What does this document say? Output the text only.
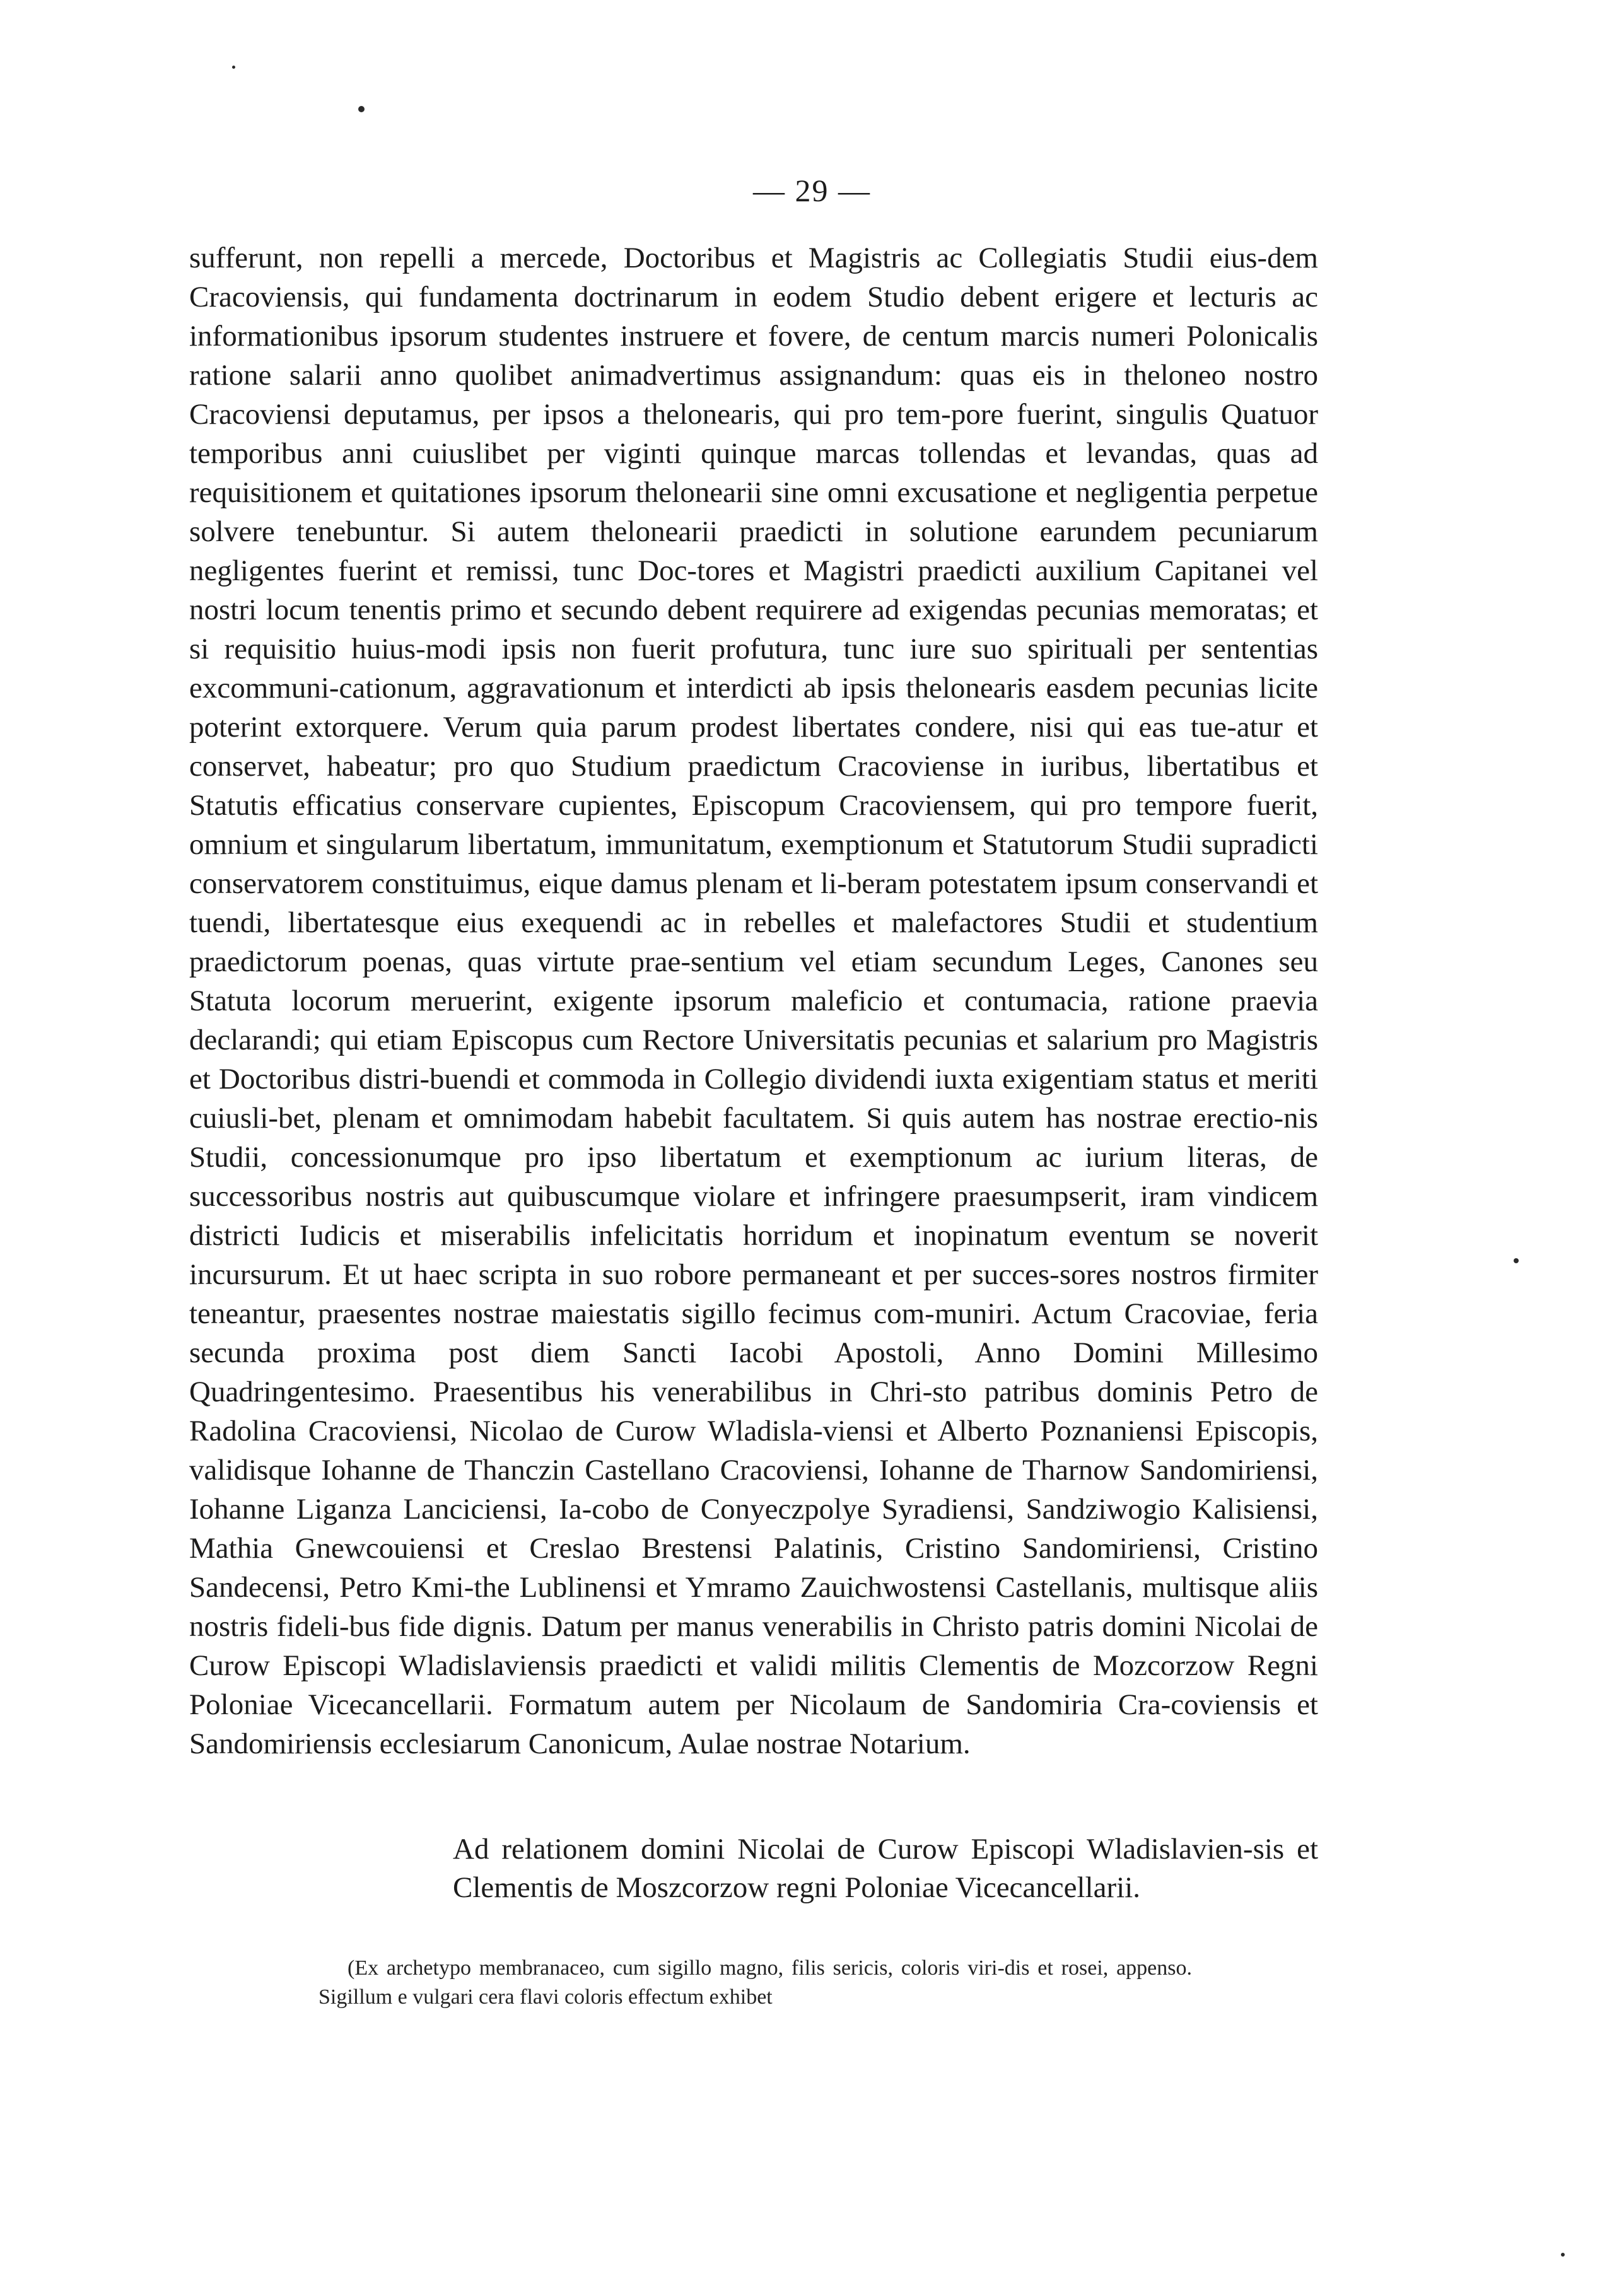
— 29 —
sufferunt, non repelli a mercede, Doctoribus et Magistris ac Collegiatis Studii eius-dem Cracoviensis, qui fundamenta doctrinarum in eodem Studio debent erigere et lecturis ac informationibus ipsorum studentes instruere et fovere, de centum marcis numeri Polonicalis ratione salarii anno quolibet animadvertimus assignandum: quas eis in theloneo nostro Cracoviensi deputamus, per ipsos a thelonearis, qui pro tem-pore fuerint, singulis Quatuor temporibus anni cuiuslibet per viginti quinque marcas tollendas et levandas, quas ad requisitionem et quitationes ipsorum thelonearii sine omni excusatione et negligentia perpetue solvere tenebuntur. Si autem thelonearii praedicti in solutione earundem pecuniarum negligentes fuerint et remissi, tunc Doc-tores et Magistri praedicti auxilium Capitanei vel nostri locum tenentis primo et secundo debent requirere ad exigendas pecunias memoratas; et si requisitio huius-modi ipsis non fuerit profutura, tunc iure suo spirituali per sententias excommuni-cationum, aggravationum et interdicti ab ipsis thelonearis easdem pecunias licite poterint extorquere. Verum quia parum prodest libertates condere, nisi qui eas tue-atur et conservet, habeatur; pro quo Studium praedictum Cracoviense in iuribus, libertatibus et Statutis efficatius conservare cupientes, Episcopum Cracoviensem, qui pro tempore fuerit, omnium et singularum libertatum, immunitatum, exemptionum et Statutorum Studii supradicti conservatorem constituimus, eique damus plenam et li-beram potestatem ipsum conservandi et tuendi, libertatesque eius exequendi ac in rebelles et malefactores Studii et studentium praedictorum poenas, quas virtute prae-sentium vel etiam secundum Leges, Canones seu Statuta locorum meruerint, exigente ipsorum maleficio et contumacia, ratione praevia declarandi; qui etiam Episcopus cum Rectore Universitatis pecunias et salarium pro Magistris et Doctoribus distri-buendi et commoda in Collegio dividendi iuxta exigentiam status et meriti cuiusli-bet, plenam et omnimodam habebit facultatem. Si quis autem has nostrae erectio-nis Studii, concessionumque pro ipso libertatum et exemptionum ac iurium literas, de successoribus nostris aut quibuscumque violare et infringere praesumpserit, iram vindicem districti Iudicis et miserabilis infelicitatis horridum et inopinatum eventum se noverit incursurum. Et ut haec scripta in suo robore permaneant et per succes-sores nostros firmiter teneantur, praesentes nostrae maiestatis sigillo fecimus com-muniri. Actum Cracoviae, feria secunda proxima post diem Sancti Iacobi Apostoli, Anno Domini Millesimo Quadringentesimo. Praesentibus his venerabilibus in Chri-sto patribus dominis Petro de Radolina Cracoviensi, Nicolao de Curow Wladisla-viensi et Alberto Poznaniensi Episcopis, validisque Iohanne de Thanczin Castellano Cracoviensi, Iohanne de Tharnow Sandomiriensi, Iohanne Liganza Lanciciensi, Ia-cobo de Conyeczpolye Syradiensi, Sandziwogio Kalisiensi, Mathia Gnewcouiensi et Creslao Brestensi Palatinis, Cristino Sandomiriensi, Cristino Sandecensi, Petro Kmi-the Lublinensi et Ymramo Zauichwostensi Castellanis, multisque aliis nostris fideli-bus fide dignis. Datum per manus venerabilis in Christo patris domini Nicolai de Curow Episcopi Wladislaviensis praedicti et validi militis Clementis de Mozcorzow Regni Poloniae Vicecancellarii. Formatum autem per Nicolaum de Sandomiria Cra-coviensis et Sandomiriensis ecclesiarum Canonicum, Aulae nostrae Notarium.
Ad relationem domini Nicolai de Curow Episcopi Wladislavien-sis et Clementis de Moszcorzow regni Poloniae Vicecancellarii.
(Ex archetypo membranaceo, cum sigillo magno, filis sericis, coloris viri-dis et rosei, appenso. Sigillum e vulgari cera flavi coloris effectum exhibet
